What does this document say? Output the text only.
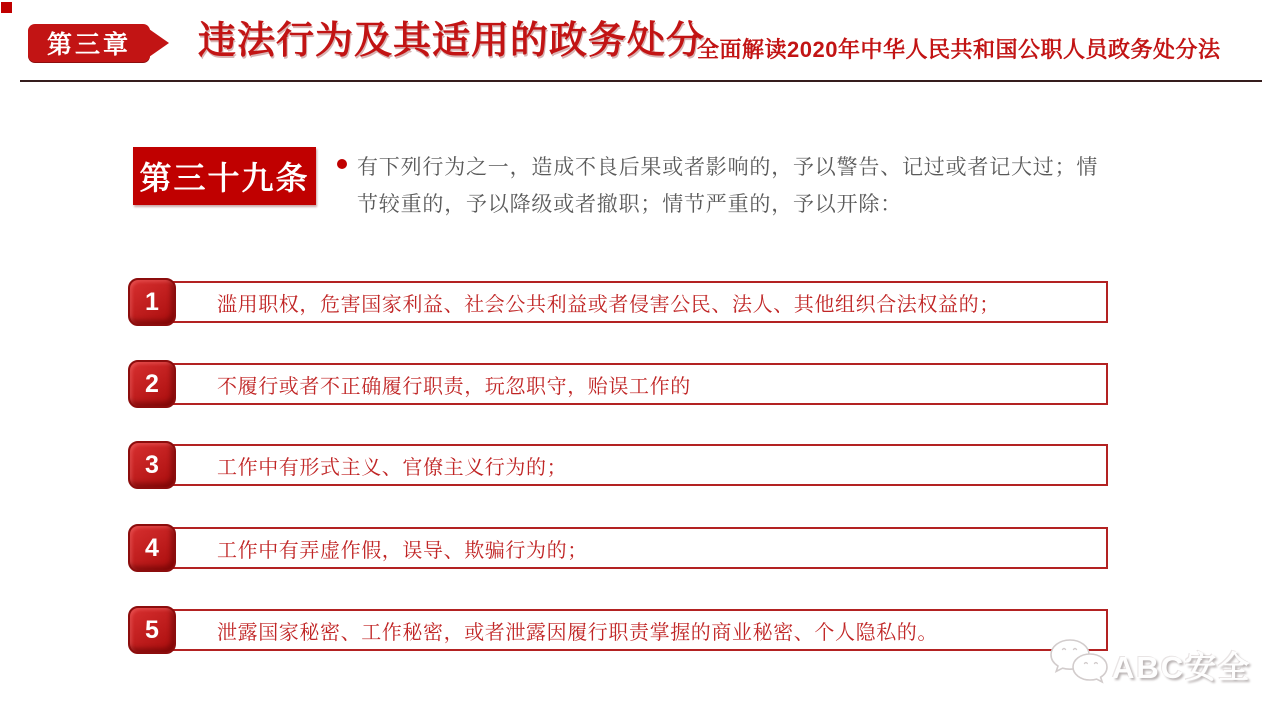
第三章 违法行为及其适用的政务处分
全面解读2020年中华人民共和国公职人员政务处分法
第三十九条	有下列行为之一，造成不良后果或者影响的，予以警告、记过或者记大过；情节较重的，予以降级或者撤职；情节严重的，予以开除：

滥用职权，危害国家利益、社会公共利益或者侵害公民、法人、其他组织合法权益的；
1
不履行或者不正确履行职责，玩忽职守，贻误工作的
2
工作中有形式主义、官僚主义行为的；
3
工作中有弄虚作假，误导、欺骗行为的；
4
泄露国家秘密、工作秘密，或者泄露因履行职责掌握的商业秘密、个人隐私的。
5
ABC安全
